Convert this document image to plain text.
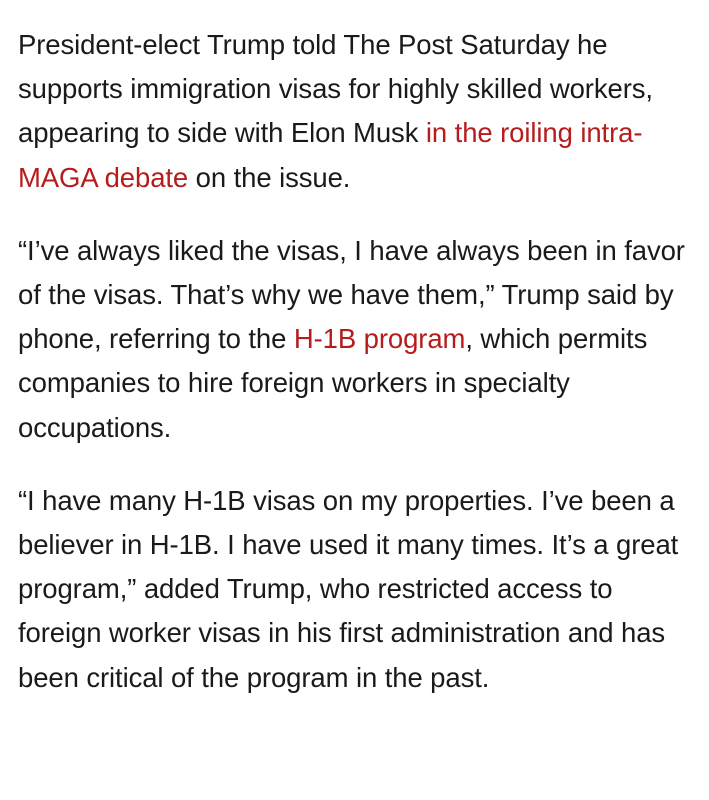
President-elect Trump told The Post Saturday he supports immigration visas for highly skilled workers, appearing to side with Elon Musk in the roiling intra-MAGA debate on the issue.

“I’ve always liked the visas, I have always been in favor of the visas. That’s why we have them,” Trump said by phone, referring to the H-1B program, which permits companies to hire foreign workers in specialty occupations.

“I have many H-1B visas on my properties. I’ve been a believer in H-1B. I have used it many times. It’s a great program,” added Trump, who restricted access to foreign worker visas in his first administration and has been critical of the program in the past.
